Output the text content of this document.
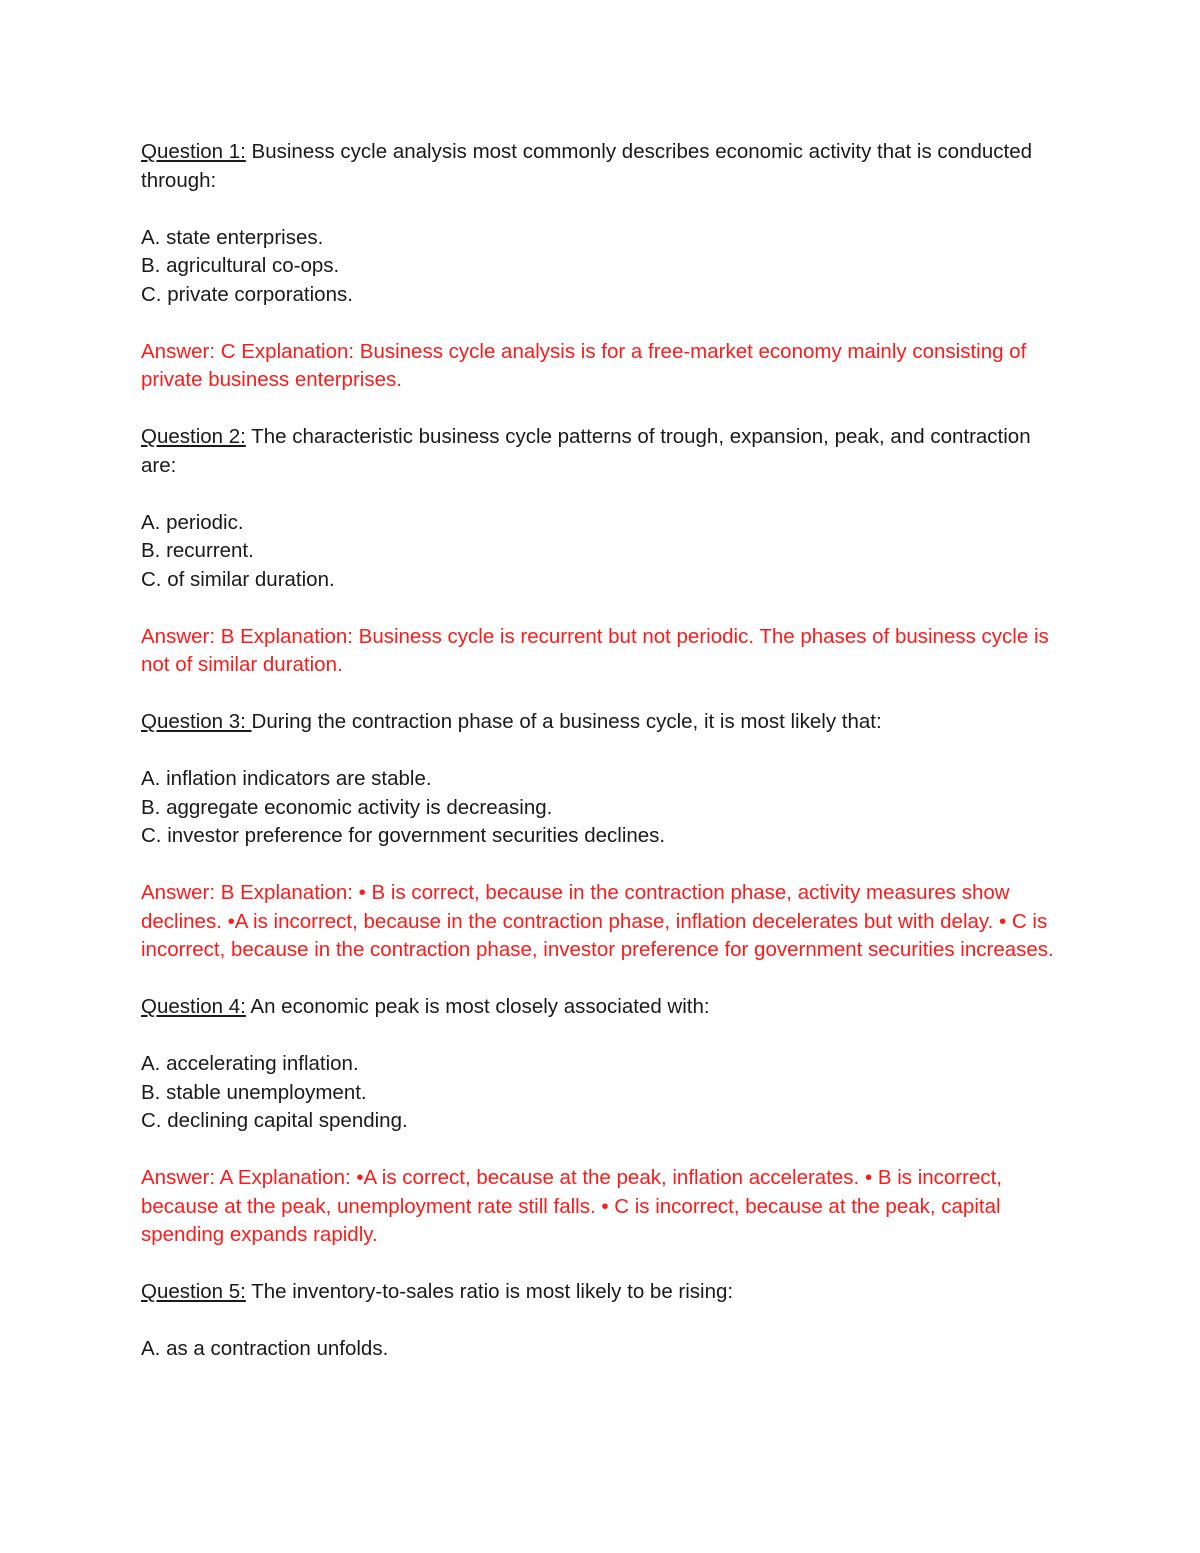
Question 1: Business cycle analysis most commonly describes economic activity that is conducted through:

A. state enterprises.

B. agricultural co-ops.

C. private corporations.

Answer: C Explanation: Business cycle analysis is for a free-market economy mainly consisting of private business enterprises.

Question 2: The characteristic business cycle patterns of trough, expansion, peak, and contraction are:

A. periodic.

B. recurrent.

C. of similar duration.

Answer: B Explanation: Business cycle is recurrent but not periodic. The phases of business cycle is not of similar duration.

Question 3: During the contraction phase of a business cycle, it is most likely that:

A. inflation indicators are stable.

B. aggregate economic activity is decreasing.

C. investor preference for government securities declines.

Answer: B Explanation: • B is correct, because in the contraction phase, activity measures show declines. •A is incorrect, because in the contraction phase, inflation decelerates but with delay. • C is incorrect, because in the contraction phase, investor preference for government securities increases.

Question 4: An economic peak is most closely associated with:

A. accelerating inflation.

B. stable unemployment.

C. declining capital spending.

Answer: A Explanation: •A is correct, because at the peak, inflation accelerates. • B is incorrect, because at the peak, unemployment rate still falls. • C is incorrect, because at the peak, capital spending expands rapidly.

Question 5: The inventory-to-sales ratio is most likely to be rising:

A. as a contraction unfolds.
